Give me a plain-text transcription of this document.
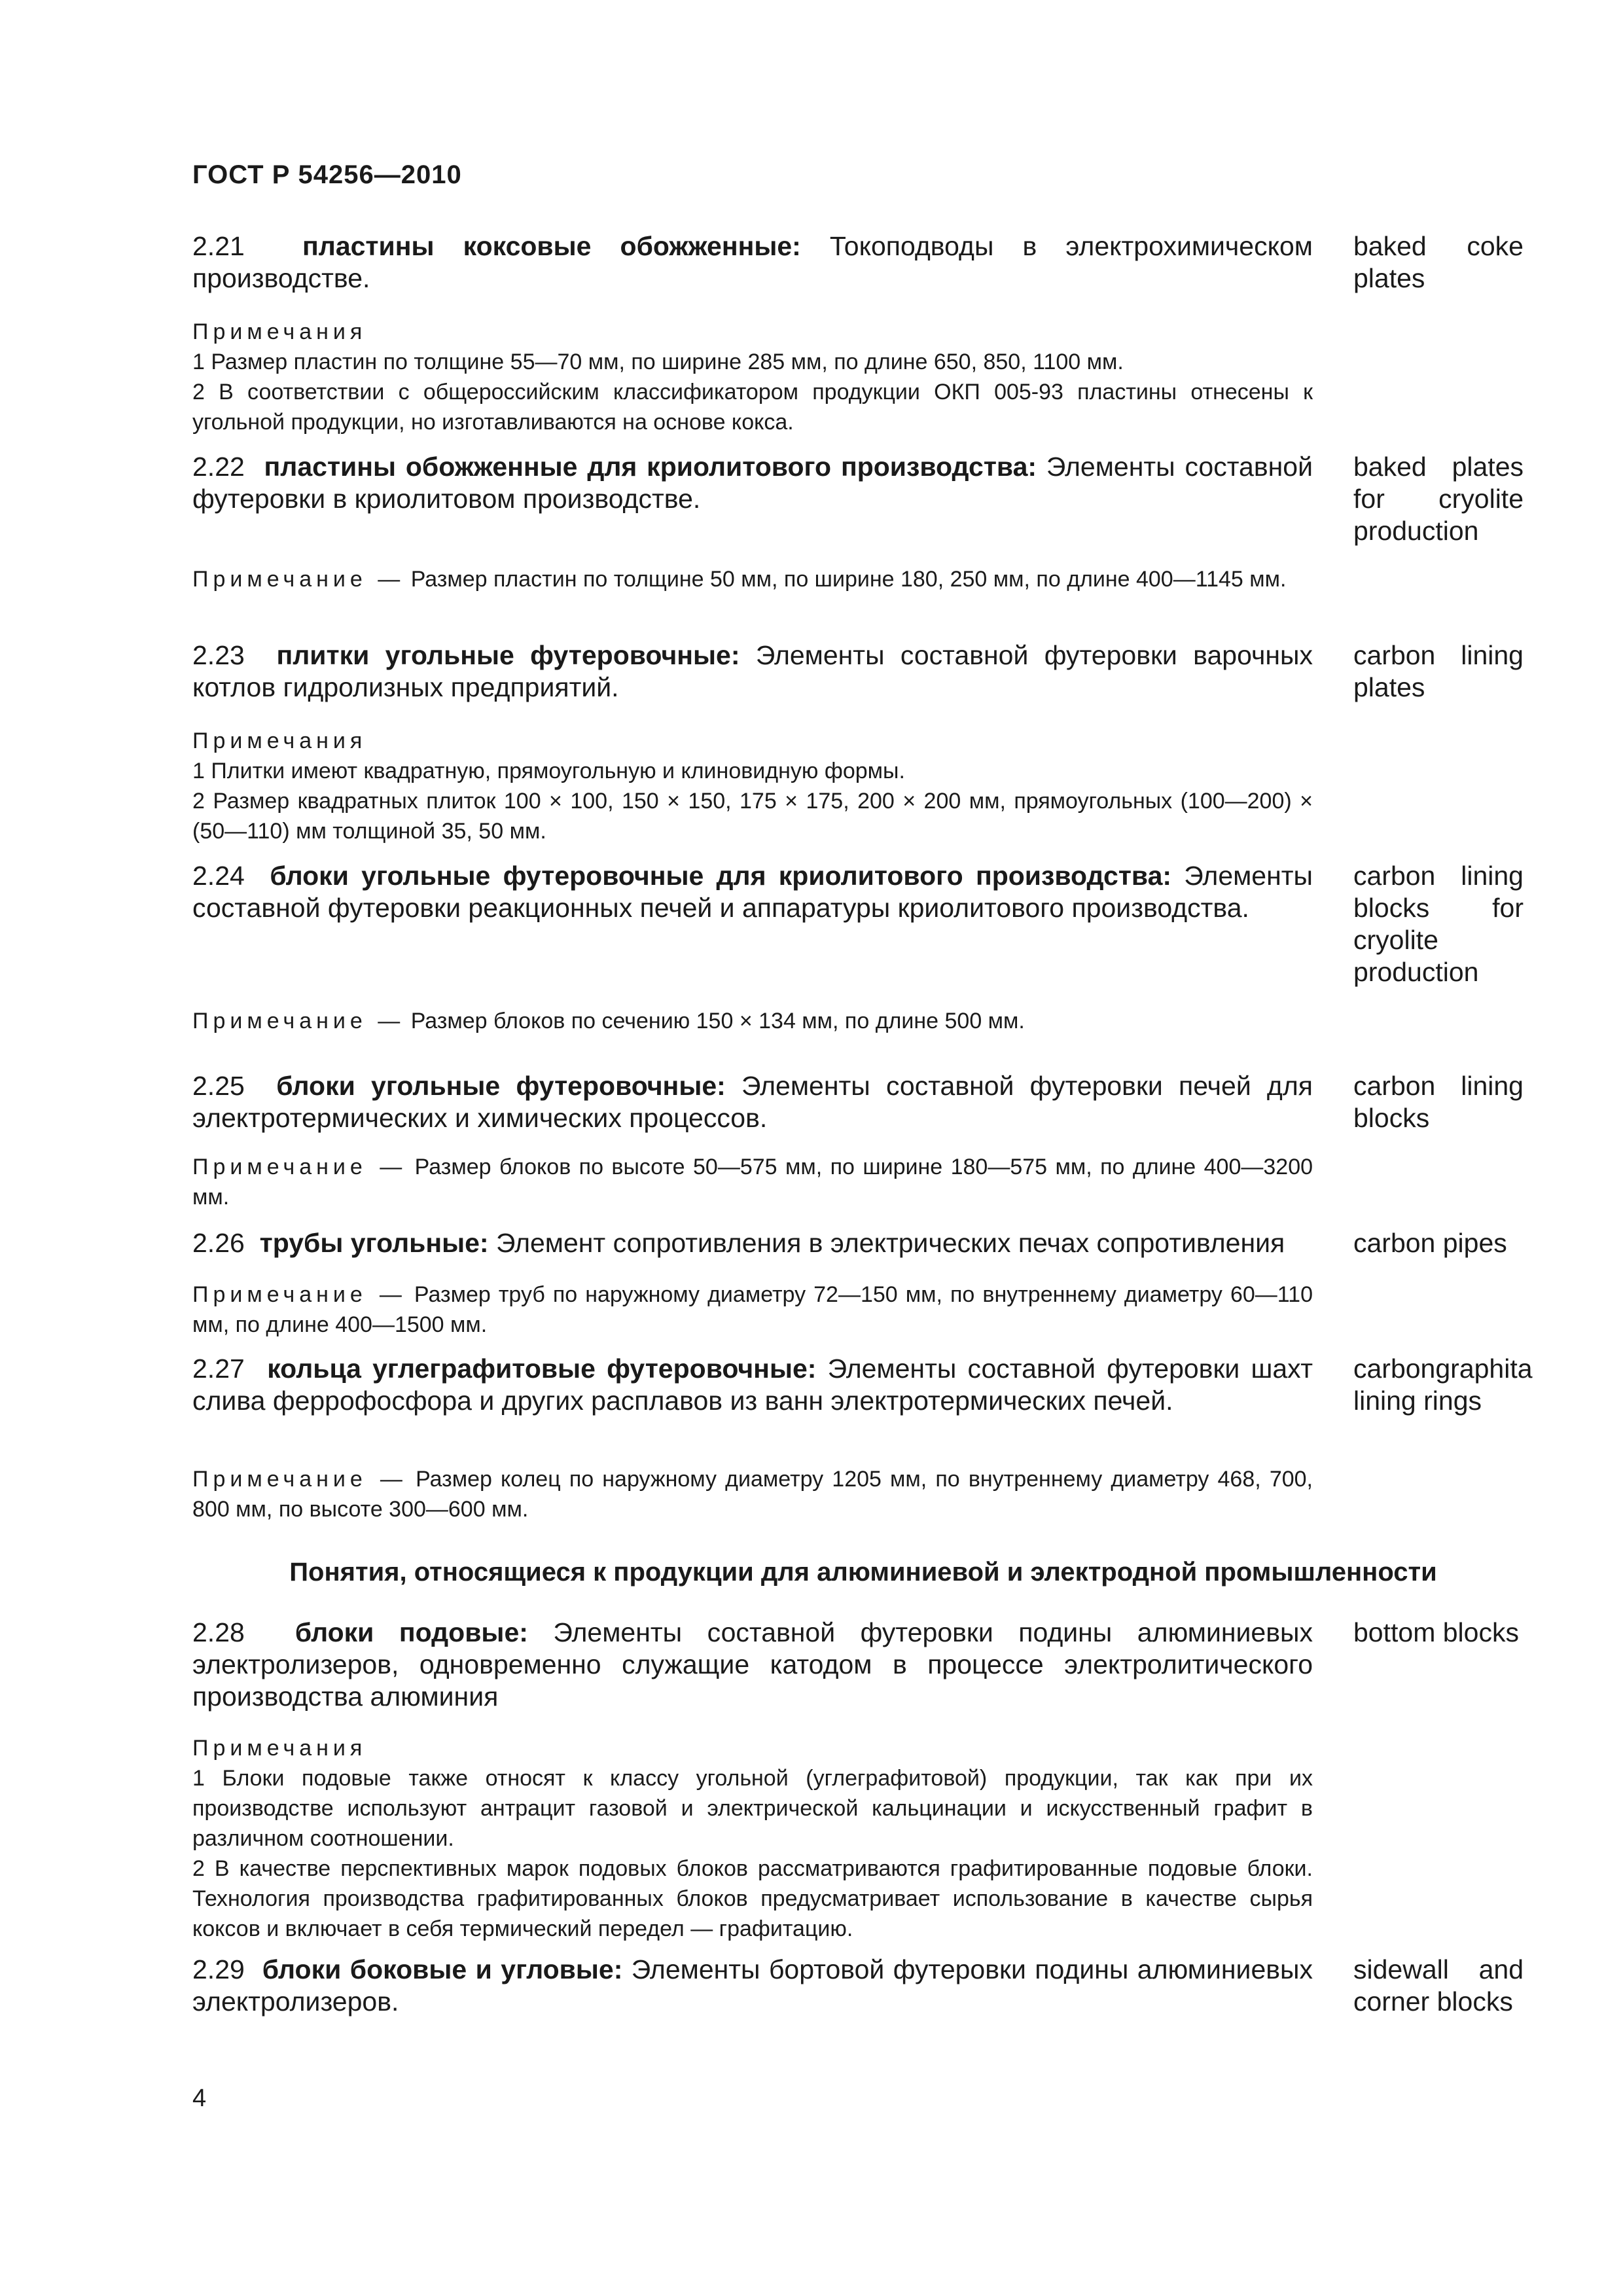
ГОСТ Р 54256—2010
2.21 пластины коксовые обожженные: Токоподводы в электрохимическом производстве.
baked coke plates

Примечания

1 Размер пластин по толщине 55—70 мм, по ширине 285 мм, по длине 650, 850, 1100 мм.

2 В соответствии с общероссийским классификатором продукции ОКП 005-93 пластины отнесены к угольной продукции, но изготавливаются на основе кокса.

2.22 пластины обожженные для криолитового производства: Элементы составной футеровки в криолитовом производстве.
baked plates for cryolite production

Примечание — Размер пластин по толщине 50 мм, по ширине 180, 250 мм, по длине 400—1145 мм.

2.23 плитки угольные футеровочные: Элементы составной футеровки варочных котлов гидролизных предприятий.
carbon lining plates

Примечания

1 Плитки имеют квадратную, прямоугольную и клиновидную формы.

2 Размер квадратных плиток 100 × 100, 150 × 150, 175 × 175, 200 × 200 мм, прямоугольных (100—200) × (50—110) мм толщиной 35, 50 мм.

2.24 блоки угольные футеровочные для криолитового производства: Элементы составной футеровки реакционных печей и аппаратуры криолитового производства.
carbon lining blocks for cryolite production

Примечание — Размер блоков по сечению 150 × 134 мм, по длине 500 мм.

2.25 блоки угольные футеровочные: Элементы составной футеровки печей для электротермических и химических процессов.
carbon lining blocks

Примечание — Размер блоков по высоте 50—575 мм, по ширине 180—575 мм, по длине 400—3200 мм.

2.26 трубы угольные: Элемент сопротивления в электрических печах сопротивления	carbon pipes

Примечание — Размер труб по наружному диаметру 72—150 мм, по внутреннему диаметру 60—110 мм, по длине 400—1500 мм.

2.27 кольца углеграфитовые футеровочные: Элементы составной футеровки шахт слива феррофосфора и других расплавов из ванн электротермических печей.
carbongraphita lining rings

Примечание — Размер колец по наружному диаметру 1205 мм, по внутреннему диаметру 468, 700, 800 мм, по высоте 300—600 мм.

Понятия, относящиеся к продукции для алюминиевой и электродной промышленности
2.28 блоки подовые: Элементы составной футеровки подины алюминиевых электролизеров, одновременно служащие катодом в процессе электролитического производства алюминия
bottom blocks

Примечания

1 Блоки подовые также относят к классу угольной (углеграфитовой) продукции, так как при их производстве используют антрацит газовой и электрической кальцинации и искусственный графит в различном соотношении.

2 В качестве перспективных марок подовых блоков рассматриваются графитированные подовые блоки. Технология производства графитированных блоков предусматривает использование в качестве сырья коксов и включает в себя термический передел — графитацию.

2.29 блоки боковые и угловые: Элементы бортовой футеровки подины алюминиевых электролизеров.
sidewall and corner blocks
4
